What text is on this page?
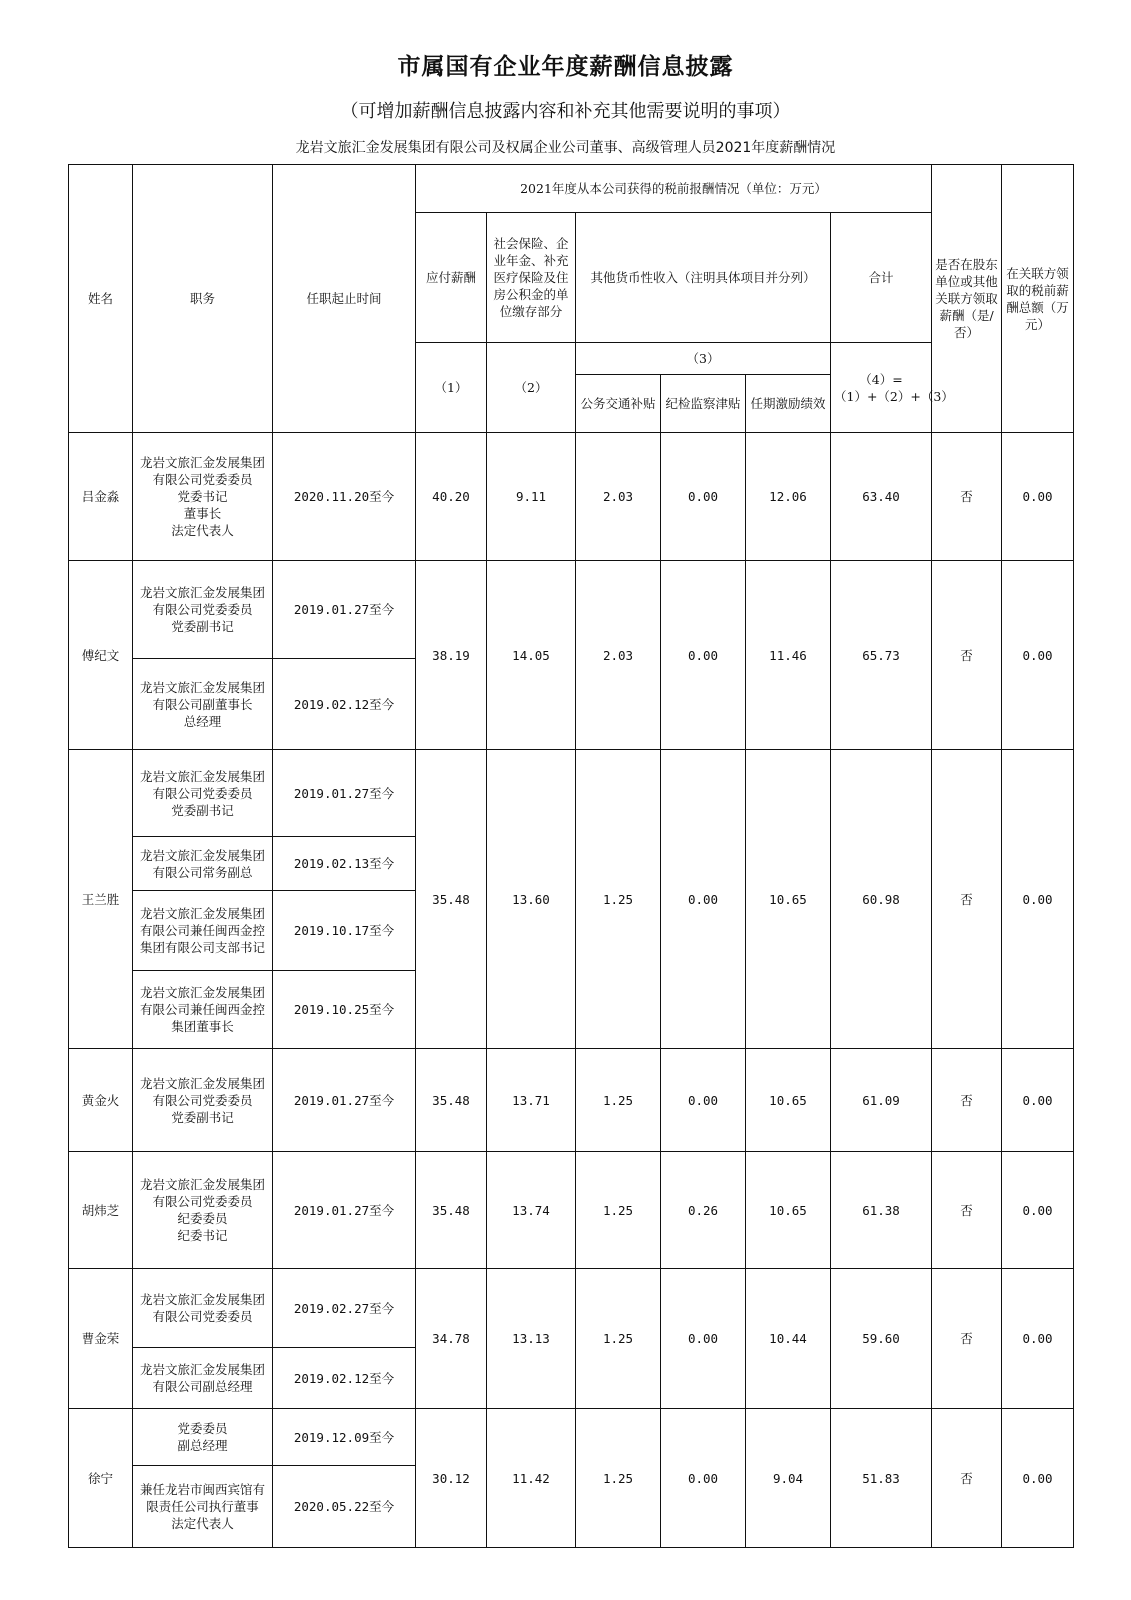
市属国有企业年度薪酬信息披露
（可增加薪酬信息披露内容和补充其他需要说明的事项）
龙岩文旅汇金发展集团有限公司及权属企业公司董事、高级管理人员2021年度薪酬情况
姓名	职务	任职起止时间	2021年度从本公司获得的税前报酬情况（单位：万元）						是否在股东单位或其他关联方领取 薪酬（是/否）	在关联方领取的税前薪酬总额（万元）
			应付薪酬	社会保险、企业年金、补充医疗保险及住房公积金的单位缴存部分	其他货币性收入（注明具体项目并分列）			合计		
			（1）	（2）	（3）			（4）=（1）+（2）+（3）		
					公务交通补贴	纪检监察津贴	任期激励绩效			

吕金淼	龙岩文旅汇金发展集团有限公司党委委员
党委书记
董事长
法定代表人	2020.11.20至今	40.20	9.11	2.03	0.00	12.06	63.40	否	0.00
傅纪文	龙岩文旅汇金发展集团有限公司党委委员
党委副书记	2019.01.27至今	38.19	14.05	2.03	0.00	11.46	65.73	否	0.00
	龙岩文旅汇金发展集团有限公司副董事长
总经理	2019.02.12至今								
王兰胜	龙岩文旅汇金发展集团有限公司党委委员
党委副书记	2019.01.27至今	35.48	13.60	1.25	0.00	10.65	60.98	否	0.00
	龙岩文旅汇金发展集团有限公司常务副总	2019.02.13至今								
	龙岩文旅汇金发展集团有限公司兼任闽西金控集团有限公司支部书记	2019.10.17至今								
	龙岩文旅汇金发展集团有限公司兼任闽西金控集团董事长	2019.10.25至今								
黄金火	龙岩文旅汇金发展集团有限公司党委委员
党委副书记	2019.01.27至今	35.48	13.71	1.25	0.00	10.65	61.09	否	0.00
胡炜芝	龙岩文旅汇金发展集团有限公司党委委员
纪委委员
纪委书记	2019.01.27至今	35.48	13.74	1.25	0.26	10.65	61.38	否	0.00
曹金荣	龙岩文旅汇金发展集团有限公司党委委员	2019.02.27至今	34.78	13.13	1.25	0.00	10.44	59.60	否	0.00
	龙岩文旅汇金发展集团有限公司副总经理	2019.02.12至今								
徐宁	党委委员
副总经理	2019.12.09至今	30.12	11.42	1.25	0.00	9.04	51.83	否	0.00
	兼任龙岩市闽西宾馆有限责任公司执行董事
法定代表人	2020.05.22至今								
